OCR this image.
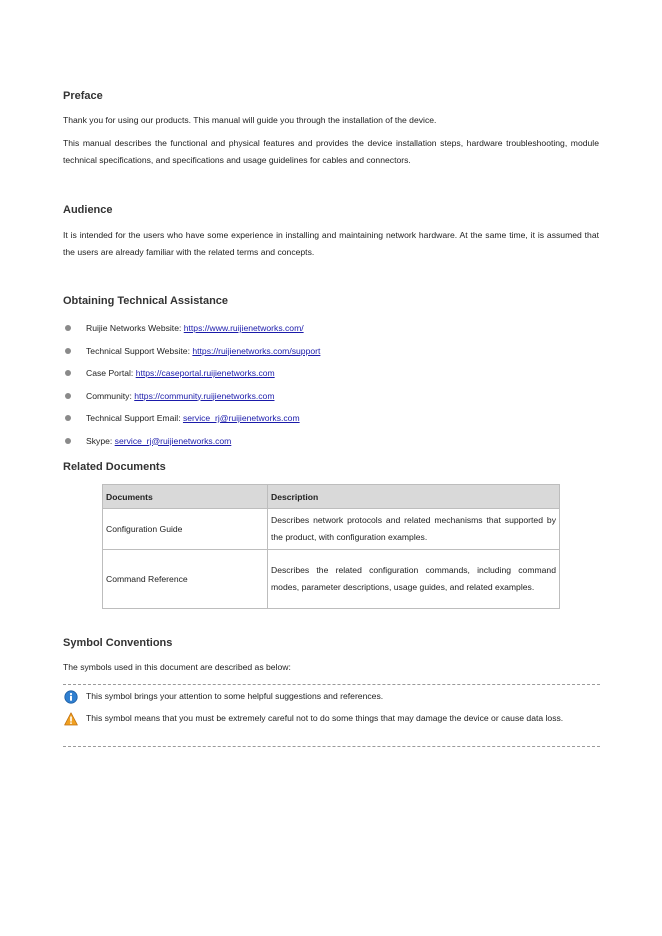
Preface

Thank you for using our products. This manual will guide you through the installation of the device.

This manual describes the functional and physical features and provides the device installation steps, hardware troubleshooting, module technical specifications, and specifications and usage guidelines for cables and connectors.

Audience

It is intended for the users who have some experience in installing and maintaining network hardware. At the same time, it is assumed that the users are already familiar with the related terms and concepts.

Obtaining Technical Assistance
Ruijie Networks Website: https://www.ruijienetworks.com/
Technical Support Website: https://ruijienetworks.com/support
Case Portal: https://caseportal.ruijienetworks.com
Community: https://community.ruijienetworks.com
Technical Support Email: service_rj@ruijienetworks.com
Skype: service_rj@ruijienetworks.com
Related Documents
Documents	Description
Configuration Guide	Describes network protocols and related mechanisms that supported by the product, with configuration examples.
Command Reference	Describes the related configuration commands, including command modes, parameter descriptions, usage guides, and related examples.
Symbol Conventions

The symbols used in this document are described as below:

This symbol brings your attention to some helpful suggestions and references.
This symbol means that you must be extremely careful not to do some things that may damage the device or cause data loss.
